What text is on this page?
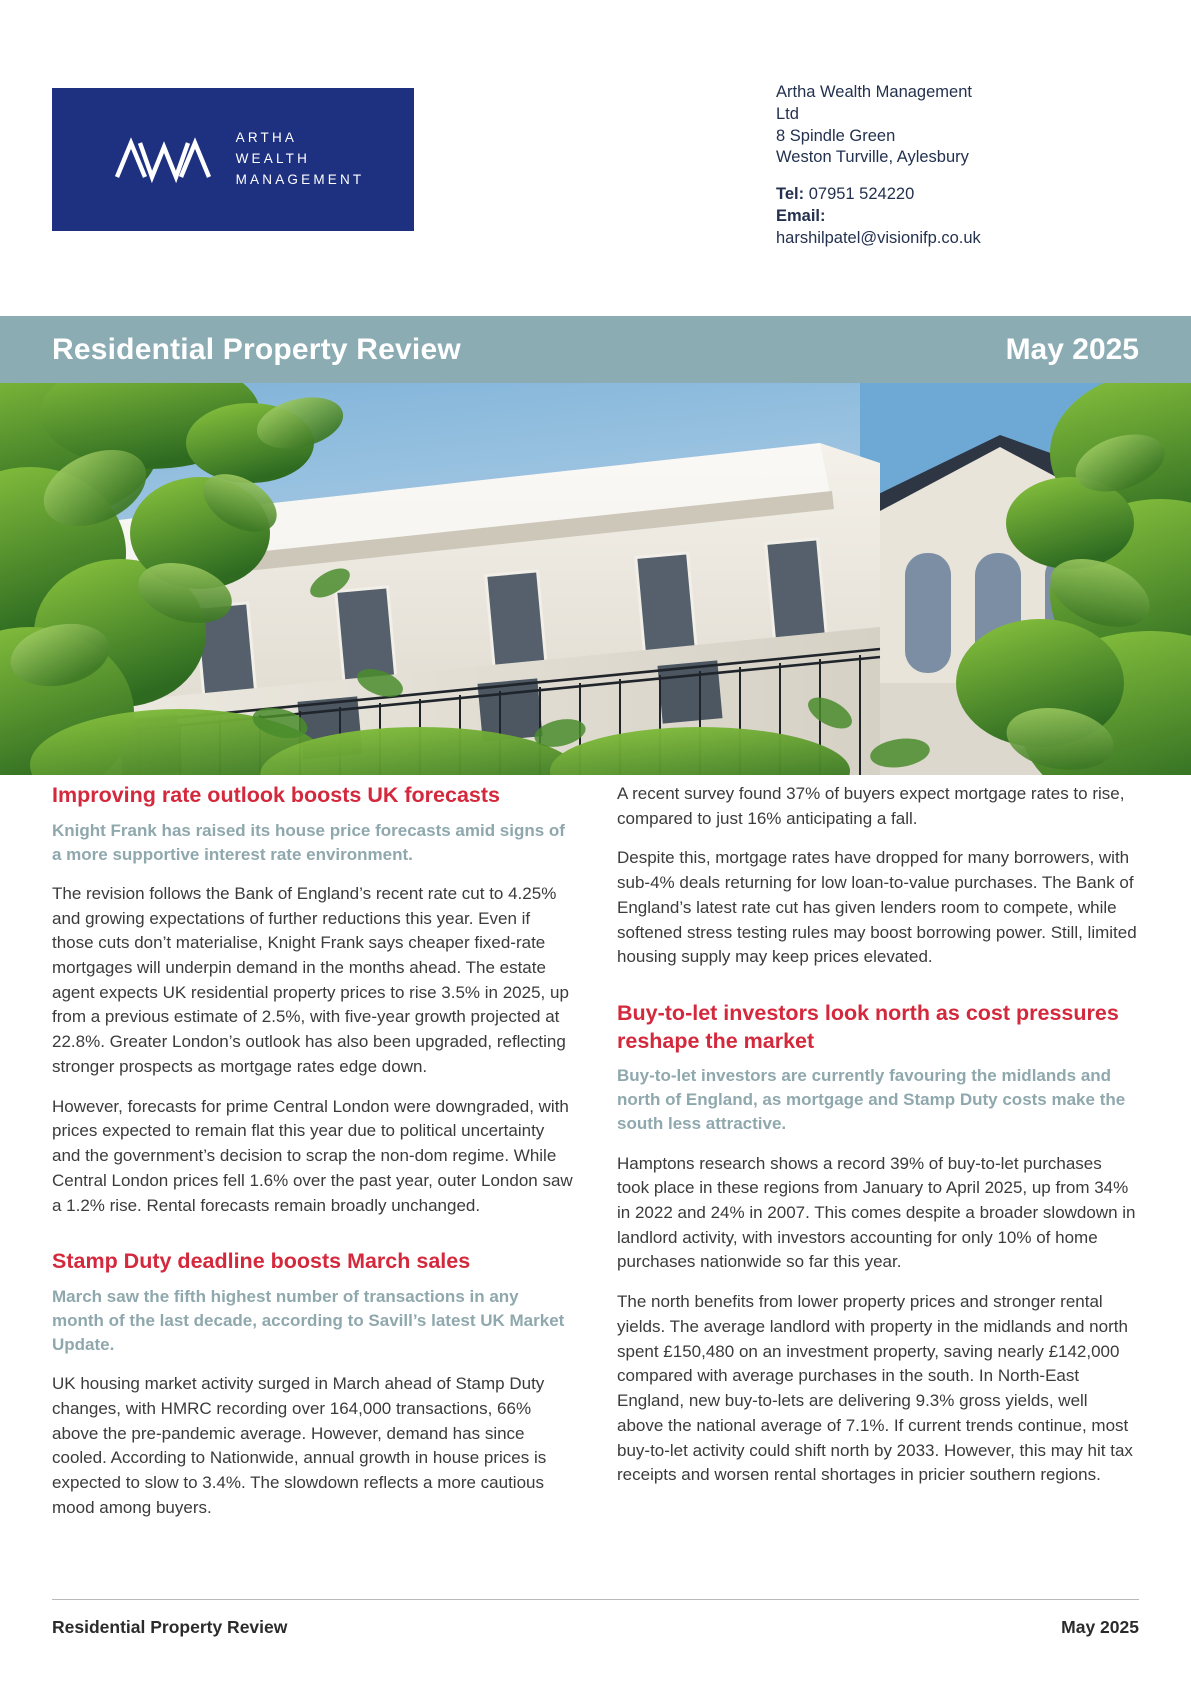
ARTHA
WEALTH
MANAGEMENT
Artha Wealth Management
Ltd
8 Spindle Green
Weston Turville, Aylesbury
Tel: 07951 524220
Email:
harshilpatel@visionifp.co.uk
Residential Property Review	May 2025
Improving rate outlook boosts UK forecasts

Knight Frank has raised its house price forecasts amid signs of a more supportive interest rate environment.

The revision follows the Bank of England’s recent rate cut to 4.25% and growing expectations of further reductions this year. Even if those cuts don’t materialise, Knight Frank says cheaper fixed-rate mortgages will underpin demand in the months ahead. The estate agent expects UK residential property prices to rise 3.5% in 2025, up from a previous estimate of 2.5%, with five-year growth projected at 22.8%. Greater London’s outlook has also been upgraded, reflecting stronger prospects as mortgage rates edge down.

However, forecasts for prime Central London were downgraded, with prices expected to remain flat this year due to political uncertainty and the government’s decision to scrap the non-dom regime. While Central London prices fell 1.6% over the past year, outer London saw a 1.2% rise. Rental forecasts remain broadly unchanged.

Stamp Duty deadline boosts March sales

March saw the fifth highest number of transactions in any month of the last decade, according to Savill’s latest UK Market Update.

UK housing market activity surged in March ahead of Stamp Duty changes, with HMRC recording over 164,000 transactions, 66% above the pre-pandemic average. However, demand has since cooled. According to Nationwide, annual growth in house prices is expected to slow to 3.4%. The slowdown reflects a more cautious mood among buyers.

A recent survey found 37% of buyers expect mortgage rates to rise, compared to just 16% anticipating a fall.

Despite this, mortgage rates have dropped for many borrowers, with sub-4% deals returning for low loan-to-value purchases. The Bank of England’s latest rate cut has given lenders room to compete, while softened stress testing rules may boost borrowing power. Still, limited housing supply may keep prices elevated.

Buy-to-let investors look north as cost pressures reshape the market

Buy-to-let investors are currently favouring the midlands and north of England, as mortgage and Stamp Duty costs make the south less attractive.

Hamptons research shows a record 39% of buy-to-let purchases took place in these regions from January to April 2025, up from 34% in 2022 and 24% in 2007. This comes despite a broader slowdown in landlord activity, with investors accounting for only 10% of home purchases nationwide so far this year.

The north benefits from lower property prices and stronger rental yields. The average landlord with property in the midlands and north spent £150,480 on an investment property, saving nearly £142,000 compared with average purchases in the south. In North-East England, new buy-to-lets are delivering 9.3% gross yields, well above the national average of 7.1%. If current trends continue, most buy-to-let activity could shift north by 2033. However, this may hit tax receipts and worsen rental shortages in pricier southern regions.

Residential Property Review	May 2025
